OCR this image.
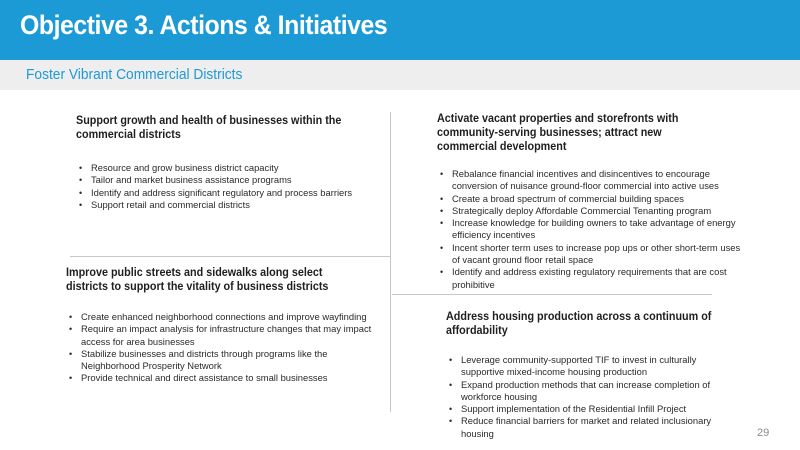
Objective 3. Actions & Initiatives
Foster Vibrant Commercial Districts
Support growth and health of businesses within the commercial districts
• Resource and grow business district capacity
• Tailor and market business assistance programs
• Identify and address significant regulatory and process barriers
• Support retail and commercial districts
Improve public streets and sidewalks along select districts to support the vitality of business districts
• Create enhanced neighborhood connections and improve wayfinding
• Require an impact analysis for infrastructure changes that may impact access for area businesses
• Stabilize businesses and districts through programs like the Neighborhood Prosperity Network
• Provide technical and direct assistance to small businesses
Activate vacant properties and storefronts with community-serving businesses; attract new commercial development
• Rebalance financial incentives and disincentives to encourage conversion of nuisance ground-floor commercial into active uses
• Create a broad spectrum of commercial building spaces
• Strategically deploy Affordable Commercial Tenanting program
• Increase knowledge for building owners to take advantage of energy efficiency incentives
• Incent shorter term uses to increase pop ups or other short-term uses of vacant ground floor retail space
• Identify and address existing regulatory requirements that are cost prohibitive
Address housing production across a continuum of affordability
• Leverage community-supported TIF to invest in culturally supportive mixed-income housing production
• Expand production methods that can increase completion of workforce housing
• Support implementation of the Residential Infill Project
• Reduce financial barriers for market and related inclusionary housing	29
